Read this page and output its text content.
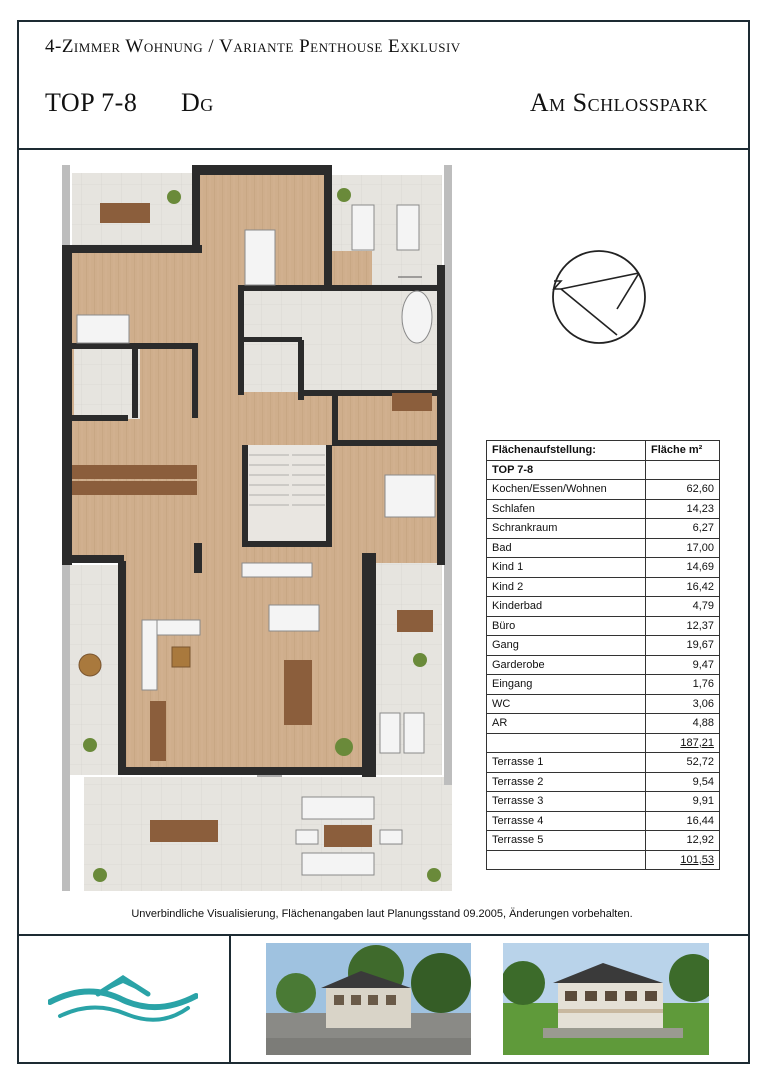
4-Zimmer Wohnung / Variante Penthouse Exklusiv
TOP 7-8 Dg	Am Schlosspark
Flächenaufstellung:	Fläche m²
TOP 7-8	
Kochen/Essen/Wohnen	62,60
Schlafen	14,23
Schrankraum	6,27
Bad	17,00
Kind 1	14,69
Kind 2	16,42
Kinderbad	4,79
Büro	12,37
Gang	19,67
Garderobe	9,47
Eingang	1,76
WC	3,06
AR	4,88
	187,21
Terrasse 1	52,72
Terrasse 2	9,54
Terrasse 3	9,91
Terrasse 4	16,44
Terrasse 5	12,92
	101,53
Unverbindliche Visualisierung, Flächenangaben laut Planungsstand 09.2005, Änderungen vorbehalten.
